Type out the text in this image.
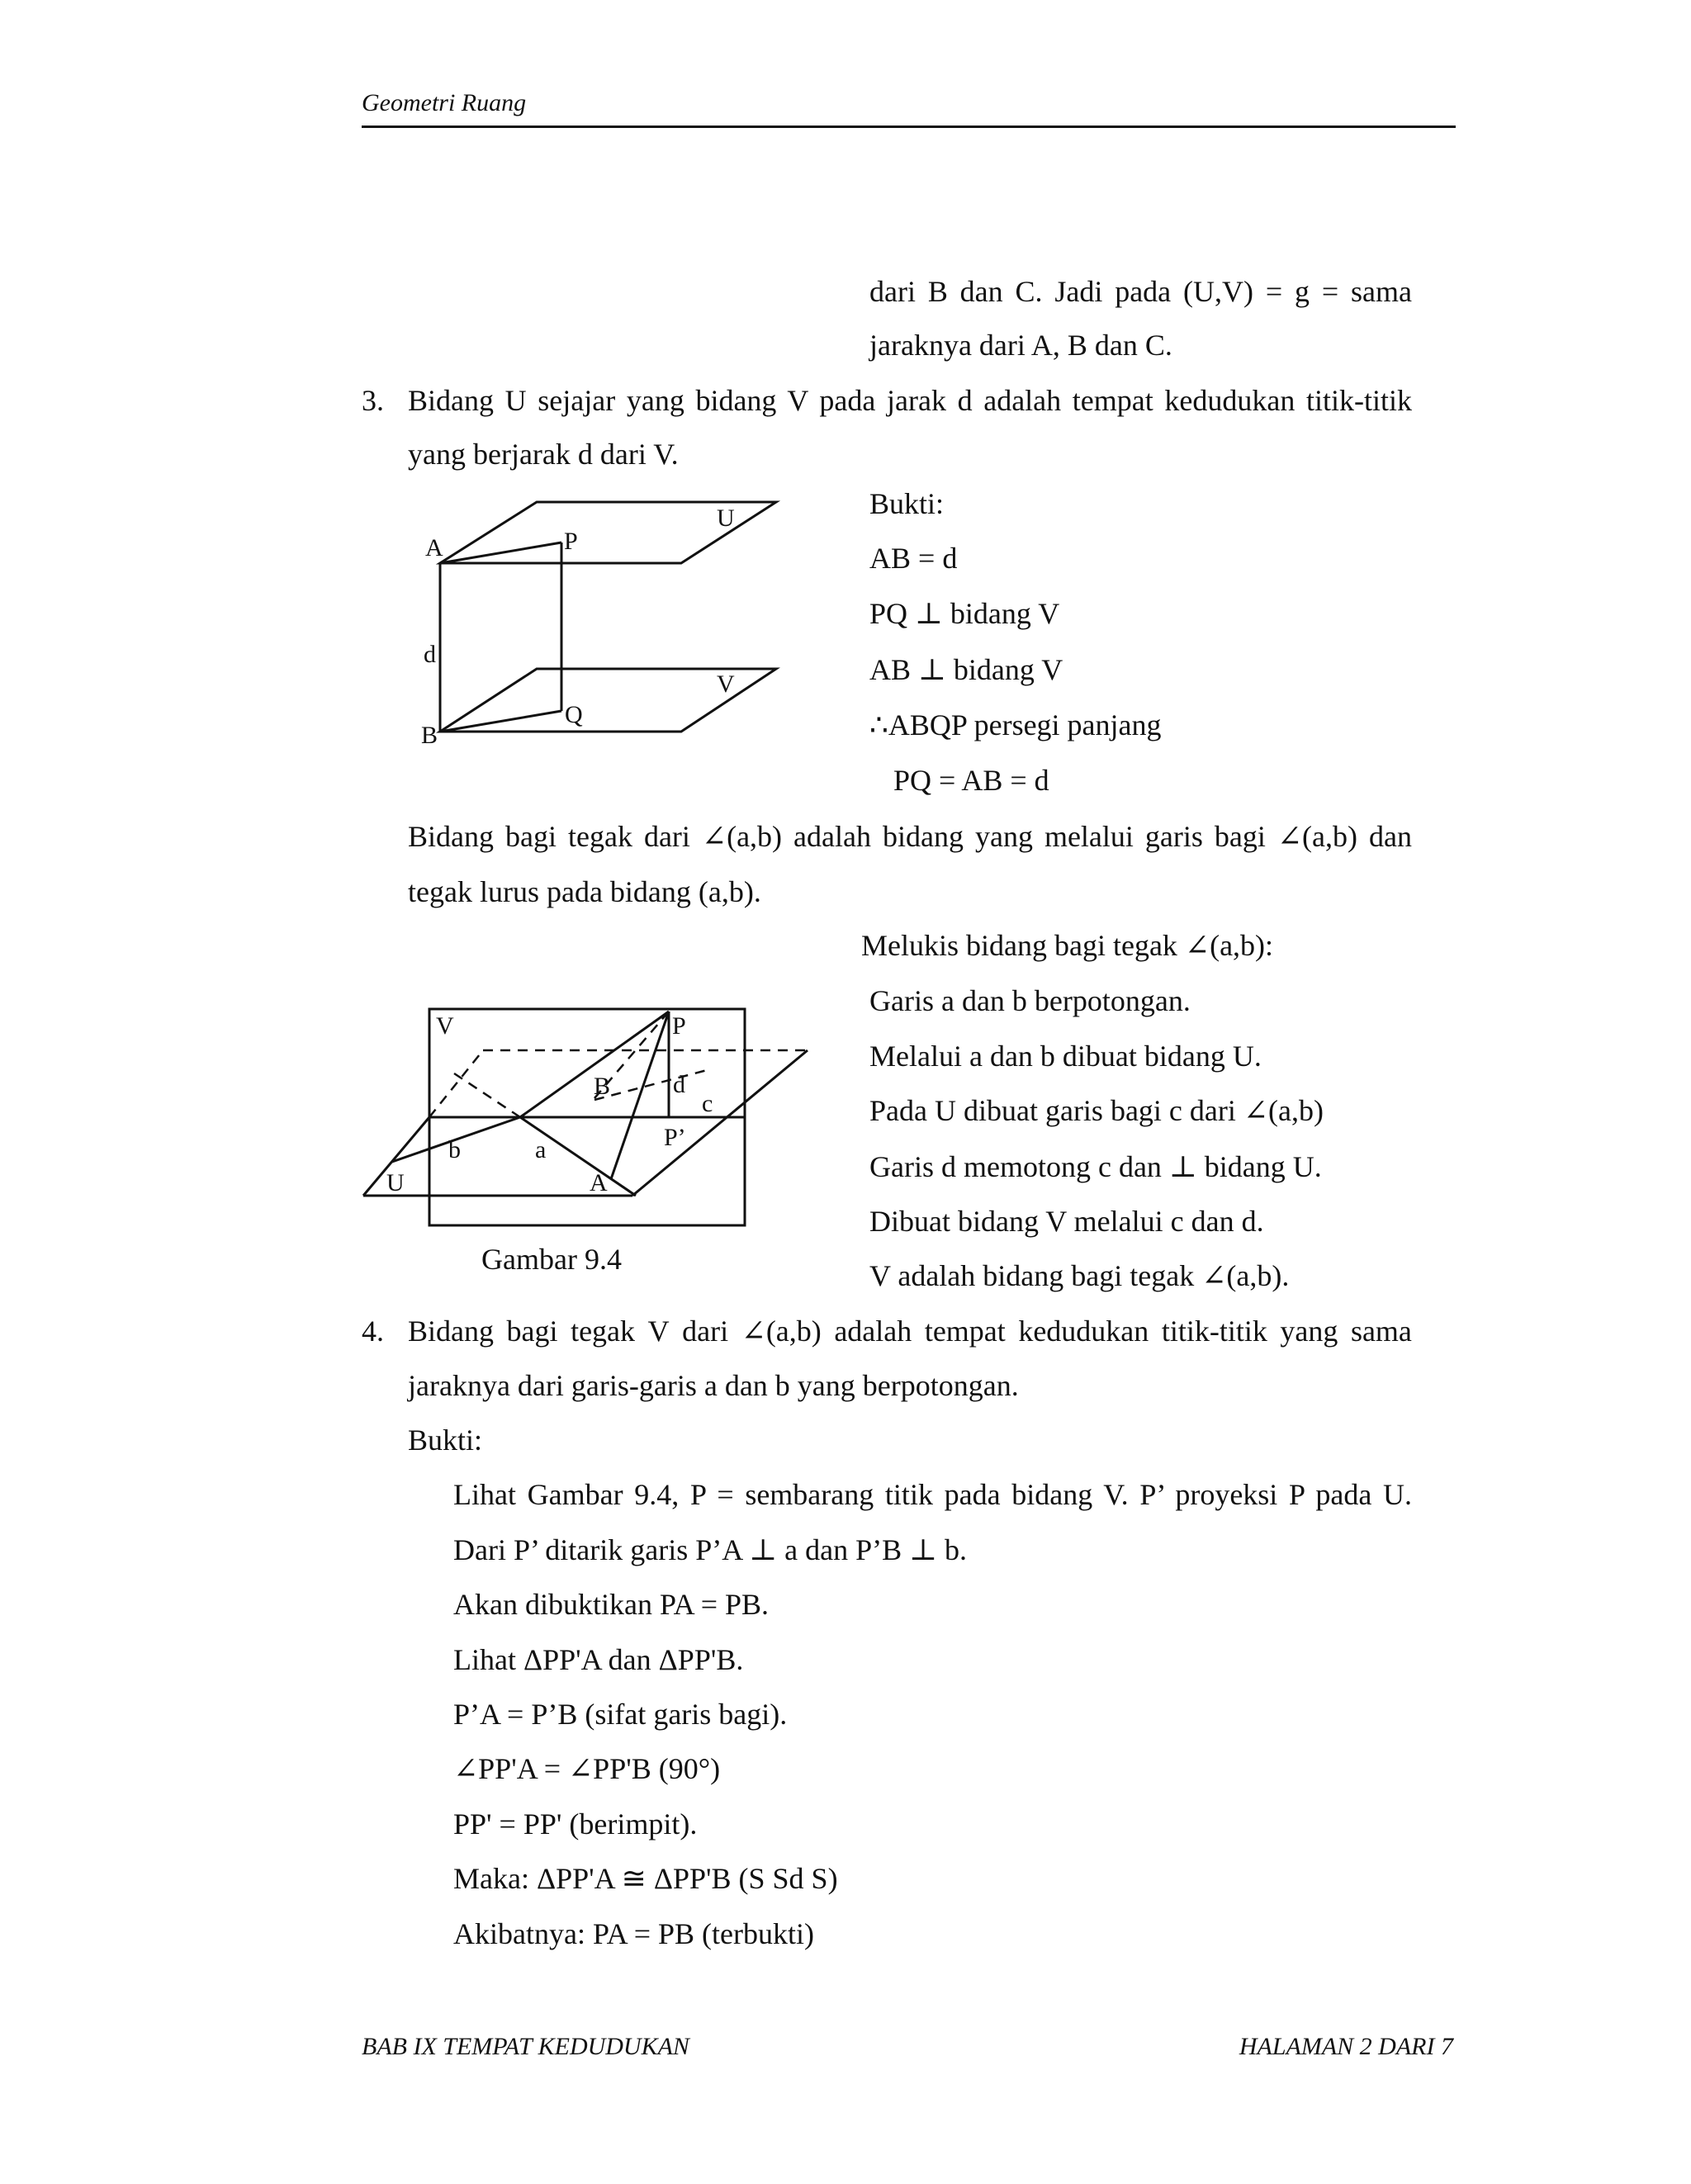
Geometri Ruang
dari B dan C. Jadi pada (U,V) = g = sama
jaraknya dari A, B dan C.
3. Bidang U sejajar yang bidang V pada jarak d adalah tempat kedudukan titik-titik
yang berjarak d dari V.
U
A	P
d
V
Q
B
Bukti:
AB = d
PQ ⊥ bidang V
AB ⊥ bidang V
∴ABQP persegi panjang
PQ = AB = d
Bidang bagi tegak dari ∠(a,b) adalah bidang yang melalui garis bagi ∠(a,b) dan
tegak lurus pada bidang (a,b).
Melukis bidang bagi tegak ∠(a,b):
Garis a dan b berpotongan.
Melalui a dan b dibuat bidang U.
Pada U dibuat garis bagi c dari ∠(a,b)
Garis d memotong c dan ⊥ bidang U.
Dibuat bidang V melalui c dan d.
V adalah bidang bagi tegak ∠(a,b).
V	P
B	d
c
P’
b	a
U	A
Gambar 9.4
4. Bidang bagi tegak V dari ∠(a,b) adalah tempat kedudukan titik-titik yang sama
jaraknya dari garis-garis a dan b yang berpotongan.
Bukti:
Lihat Gambar 9.4, P = sembarang titik pada bidang V. P’ proyeksi P pada U.
Dari P’ ditarik garis P’A ⊥ a dan P’B ⊥ b.
Akan dibuktikan PA = PB.
Lihat ΔPP'A dan ΔPP'B.
P’A = P’B (sifat garis bagi).
∠PP'A = ∠PP'B (90°)
PP' = PP' (berimpit).
Maka: ΔPP'A ≅ ΔPP'B (S Sd S)
Akibatnya: PA = PB (terbukti)
BAB IX TEMPAT KEDUDUKAN	HALAMAN 2 DARI 7
